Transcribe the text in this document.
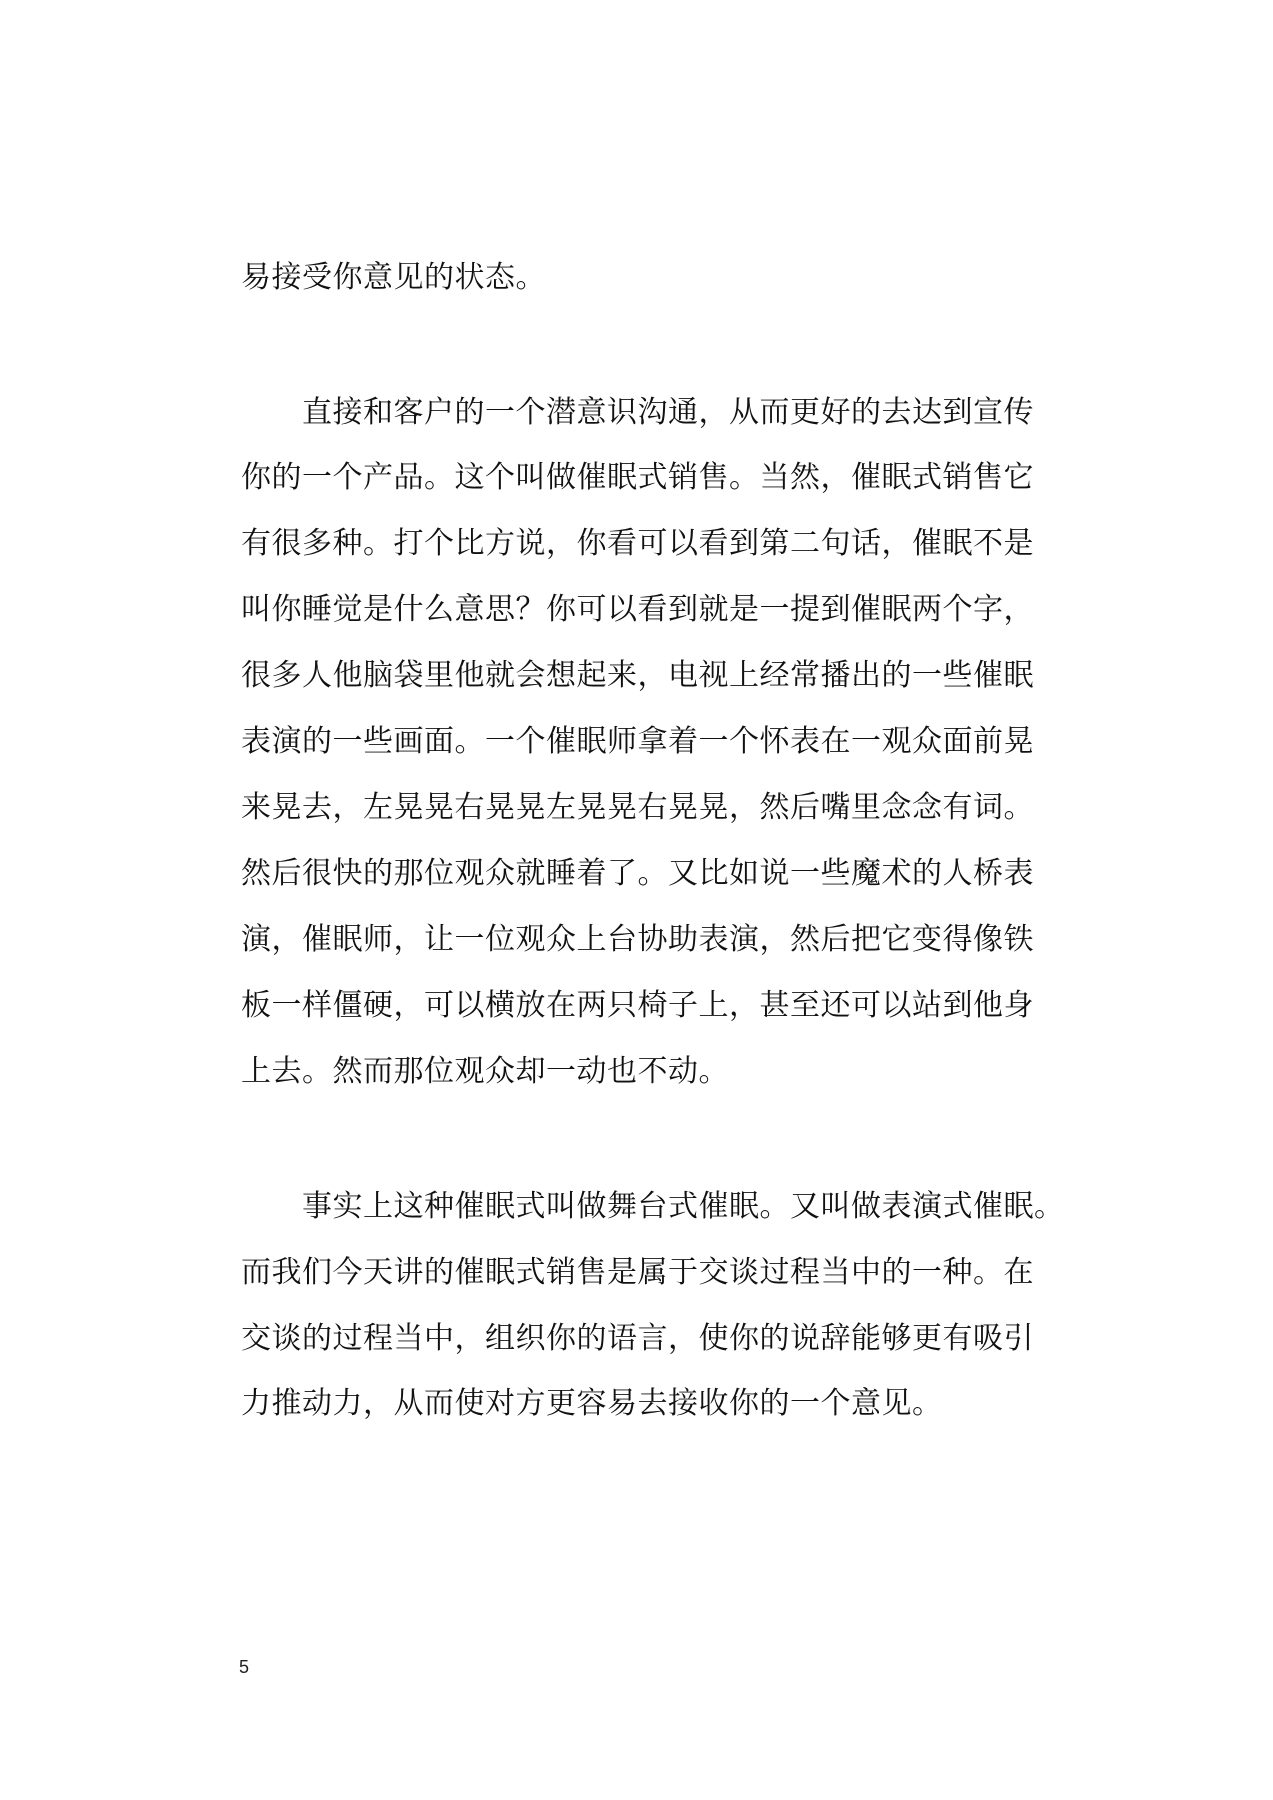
易接受你意见的状态。

　　直接和客户的一个潜意识沟通，从而更好的去达到宣传

你的一个产品。这个叫做催眠式销售。当然，催眠式销售它

有很多种。打个比方说，你看可以看到第二句话，催眠不是

叫你睡觉是什么意思？你可以看到就是一提到催眠两个字，

很多人他脑袋里他就会想起来，电视上经常播出的一些催眠

表演的一些画面。一个催眠师拿着一个怀表在一观众面前晃

来晃去，左晃晃右晃晃左晃晃右晃晃，然后嘴里念念有词。

然后很快的那位观众就睡着了。又比如说一些魔术的人桥表

演，催眠师，让一位观众上台协助表演，然后把它变得像铁

板一样僵硬，可以横放在两只椅子上，甚至还可以站到他身

上去。然而那位观众却一动也不动。

　　事实上这种催眠式叫做舞台式催眠。又叫做表演式催眠。

而我们今天讲的催眠式销售是属于交谈过程当中的一种。在

交谈的过程当中，组织你的语言，使你的说辞能够更有吸引

力推动力，从而使对方更容易去接收你的一个意见。

5
